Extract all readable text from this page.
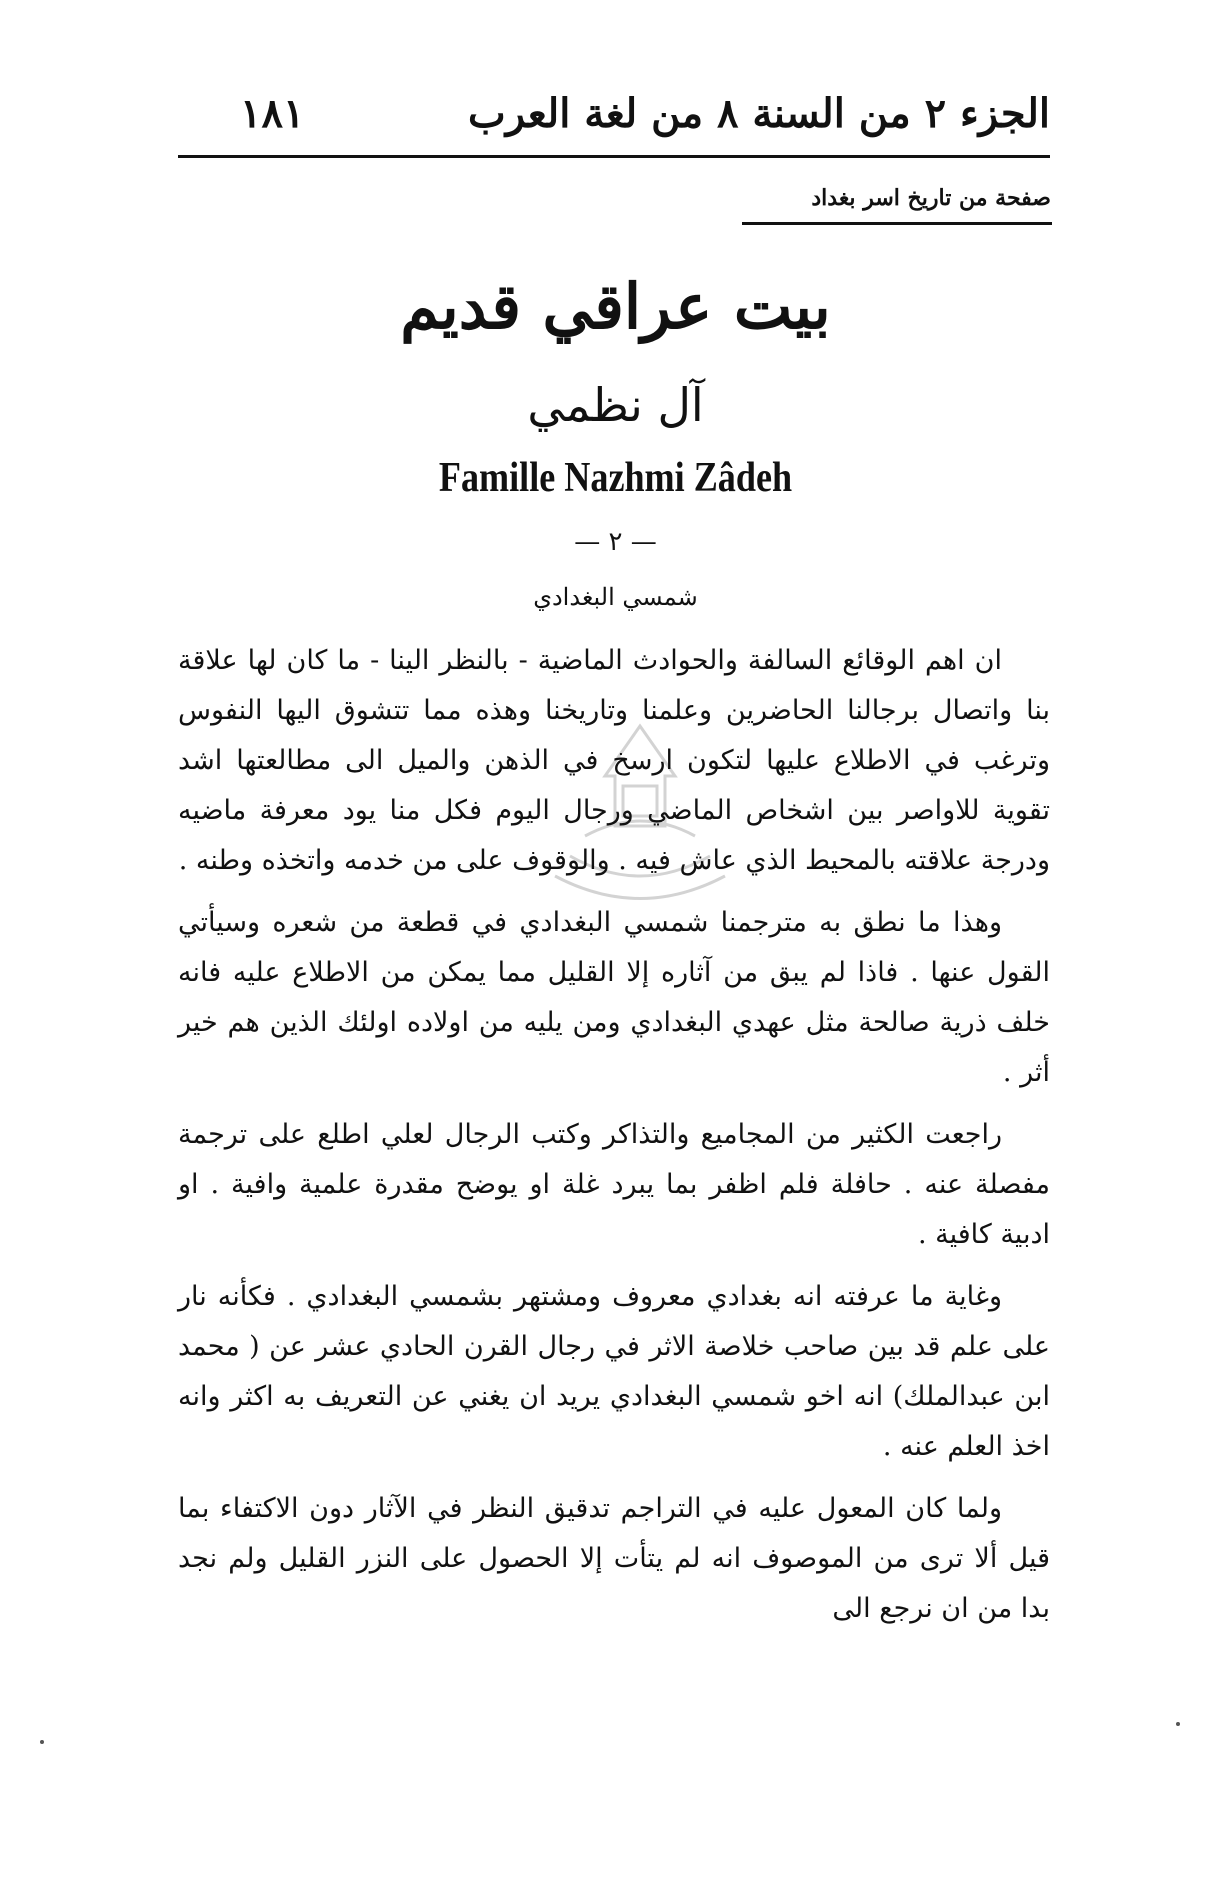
الجزء ٢ من السنة ٨ من لغة العرب
١٨١
صفحة من تاريخ اسر بغداد
بيت عراقي قديم
آل نظمي
Famille Nazhmi Zâdeh
— ٢ —
شمسي البغدادي

ان اهم الوقائع السالفة والحوادث الماضية - بالنظر الينا - ما كان لها علاقة بنا واتصال برجالنا الحاضرين وعلمنا وتاريخنا وهذه مما تتشوق اليها النفوس وترغب في الاطلاع عليها لتكون ارسخ في الذهن والميل الى مطالعتها اشد تقوية للاواصر بين اشخاص الماضي ورجال اليوم فكل منا يود معرفة ماضيه ودرجة علاقته بالمحيط الذي عاش فيه . والوقوف على من خدمه واتخذه وطنه .

وهذا ما نطق به مترجمنا شمسي البغدادي في قطعة من شعره وسيأتي القول عنها . فاذا لم يبق من آثاره إلا القليل مما يمكن من الاطلاع عليه فانه خلف ذرية صالحة مثل عهدي البغدادي ومن يليه من اولاده اولئك الذين هم خير أثر .

راجعت الكثير من المجاميع والتذاكر وكتب الرجال لعلي اطلع على ترجمة مفصلة عنه . حافلة فلم اظفر بما يبرد غلة او يوضح مقدرة علمية وافية . او ادبية كافية .

وغاية ما عرفته انه بغدادي معروف ومشتهر بشمسي البغدادي . فكأنه نار على علم قد بين صاحب خلاصة الاثر في رجال القرن الحادي عشر عن ( محمد ابن عبدالملك) انه اخو شمسي البغدادي يريد ان يغني عن التعريف به اكثر وانه اخذ العلم عنه .

ولما كان المعول عليه في التراجم تدقيق النظر في الآثار دون الاكتفاء بما قيل ألا ترى من الموصوف انه لم يتأت إلا الحصول على النزر القليل ولم نجد بدا من ان نرجع الى
